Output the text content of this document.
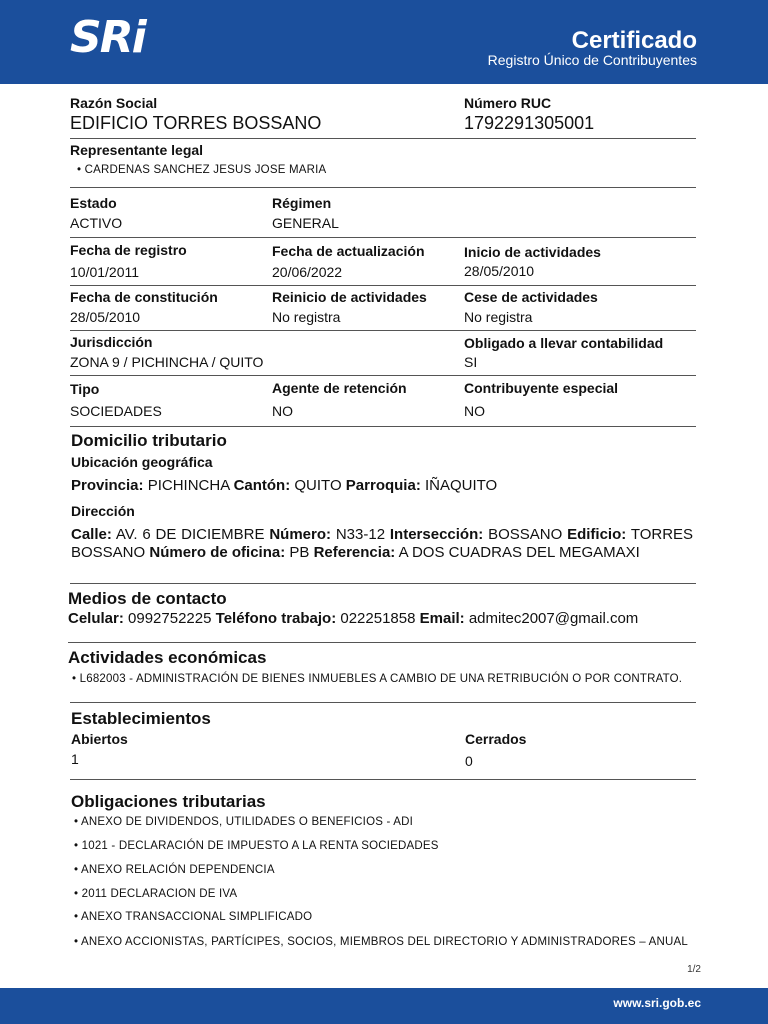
SRi	Certificado
Registro Único de Contribuyentes
Razón Social
EDIFICIO TORRES BOSSANO
Número RUC
1792291305001
Representante legal
• CARDENAS SANCHEZ JESUS JOSE MARIA
Estado
ACTIVO
Régimen
GENERAL
Fecha de registro
10/01/2011
Fecha de actualización
20/06/2022
Inicio de actividades
28/05/2010
Fecha de constitución
28/05/2010
Reinicio de actividades
No registra
Cese de actividades
No registra
Jurisdicción
ZONA 9 / PICHINCHA / QUITO
Obligado a llevar contabilidad
SI
Tipo
SOCIEDADES
Agente de retención
NO
Contribuyente especial
NO
Domicilio tributario
Ubicación geográfica
Provincia: PICHINCHA Cantón: QUITO Parroquia: IÑAQUITO
Dirección
Calle: AV. 6 DE DICIEMBRE Número: N33-12 Intersección: BOSSANO Edificio: TORRES BOSSANO Número de oficina: PB Referencia: A DOS CUADRAS DEL MEGAMAXI
Medios de contacto
Celular: 0992752225 Teléfono trabajo: 022251858 Email: admitec2007@gmail.com
Actividades económicas
• L682003 - ADMINISTRACIÓN DE BIENES INMUEBLES A CAMBIO DE UNA RETRIBUCIÓN O POR CONTRATO.
Establecimientos
Abiertos
1
Cerrados
0
Obligaciones tributarias
• ANEXO DE DIVIDENDOS, UTILIDADES O BENEFICIOS - ADI
• 1021 - DECLARACIÓN DE IMPUESTO A LA RENTA SOCIEDADES
• ANEXO RELACIÓN DEPENDENCIA
• 2011 DECLARACION DE IVA
• ANEXO TRANSACCIONAL SIMPLIFICADO
• ANEXO ACCIONISTAS, PARTÍCIPES, SOCIOS, MIEMBROS DEL DIRECTORIO Y ADMINISTRADORES – ANUAL
1/2
www.sri.gob.ec
